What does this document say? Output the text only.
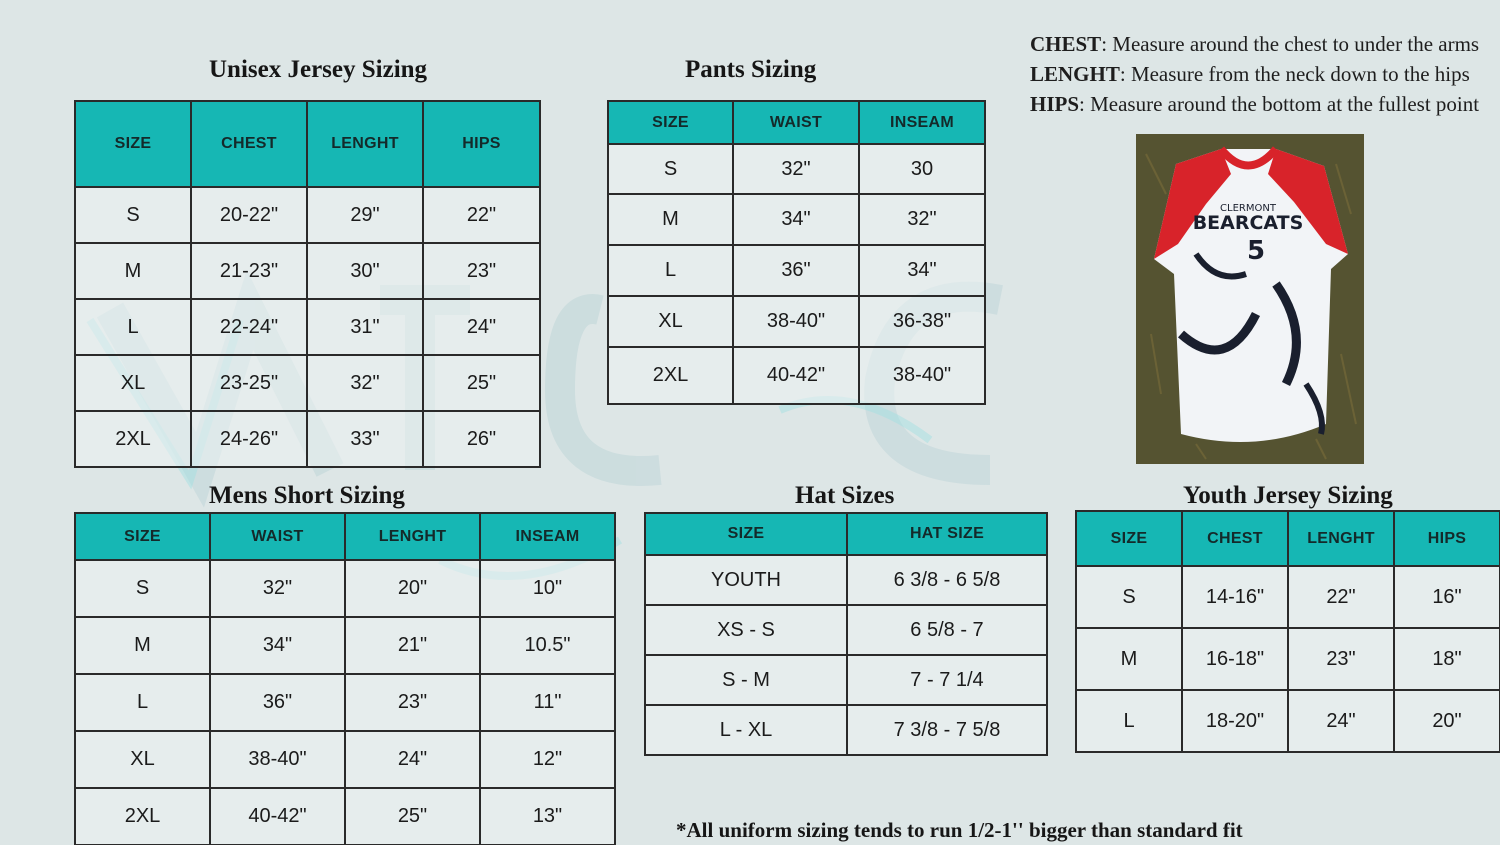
Unisex Jersey Sizing
SIZE	CHEST	LENGHT	HIPS
S	20-22"	29"	22"
M	21-23"	30"	23"
L	22-24"	31"	24"
XL	23-25"	32"	25"
2XL	24-26"	33"	26"
Pants Sizing
SIZE	WAIST	INSEAM
S	32"	30
M	34"	32"
L	36"	34"
XL	38-40"	36-38"
2XL	40-42"	38-40"
CHEST: Measure around the chest to under the arms
LENGHT: Measure from the neck down to the hips
HIPS: Measure around the bottom at the fullest point
CLERMONT
BEARCATS
5
Mens Short Sizing
SIZE	WAIST	LENGHT	INSEAM
S	32"	20"	10"
M	34"	21"	10.5"
L	36"	23"	11"
XL	38-40"	24"	12"
2XL	40-42"	25"	13"
Hat Sizes
SIZE	HAT SIZE
YOUTH	6 3/8 - 6 5/8
XS - S	6 5/8 - 7
S - M	7 - 7 1/4
L - XL	7 3/8 - 7 5/8
Youth Jersey Sizing
SIZE	CHEST	LENGHT	HIPS
S	14-16"	22"	16"
M	16-18"	23"	18"
L	18-20"	24"	20"
*All uniform sizing tends to run 1/2-1'' bigger than standard fit
